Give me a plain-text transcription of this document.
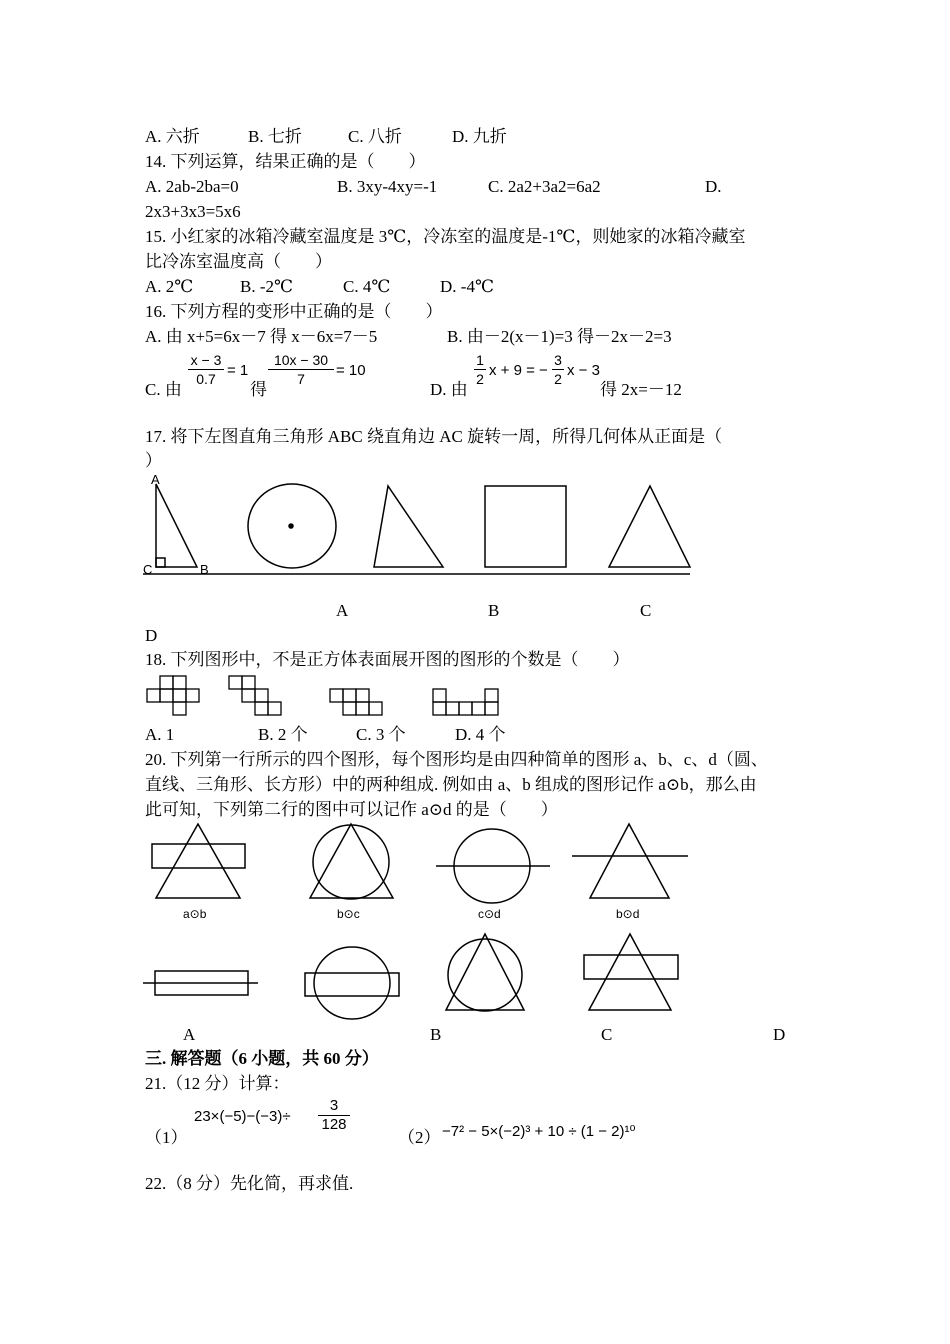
A. 六折	B. 七折	C. 八折	D. 九折
14. 下列运算，结果正确的是（　　）
A. 2ab-2ba=0	B. 3xy-4xy=-1	C. 2a2+3a2=6a2	D.
2x3+3x3=5x6
15. 小红家的冰箱冷藏室温度是 3℃，冷冻室的温度是-1℃，则她家的冰箱冷藏室
比冷冻室温度高（　　）
A. 2℃	B. -2℃	C. 4℃	D. -4℃
16. 下列方程的变形中正确的是（　　）
A. 由 x+5=6x－7 得 x－6x=7－5	B. 由－2(x－1)=3 得－2x－2=3
C. 由
x − 3
0.7 = 1
10x − 30
7	= 10
得	D. 由
1
2 x + 9 = −
3
2 x − 3
得 2x=－12
17. 将下左图直角三角形 ABC 绕直角边 AC 旋转一周，所得几何体从正面是（
）
A
C	B
A	B	C
D
18. 下列图形中，不是正方体表面展开图的图形的个数是（　　）
A. 1	B. 2 个	C. 3 个	D. 4 个
20. 下列第一行所示的四个图形，每个图形均是由四种简单的图形 a、b、c、d（圆、
直线、三角形、长方形）中的两种组成. 例如由 a、b 组成的图形记作 a⊙b，那么由
此可知，下列第二行的图中可以记作 a⊙d 的是（　　）
a⊙b	b⊙c	c⊙d	b⊙d
A	B	C	D
三. 解答题（6 小题，共 60 分）
21.（12 分）计算：
（1）
23×(−5)−(−3)÷
3
128
（2） −7² − 5×(−2)³ + 10 ÷ (1 − 2)¹⁰
22.（8 分）先化简，再求值.
